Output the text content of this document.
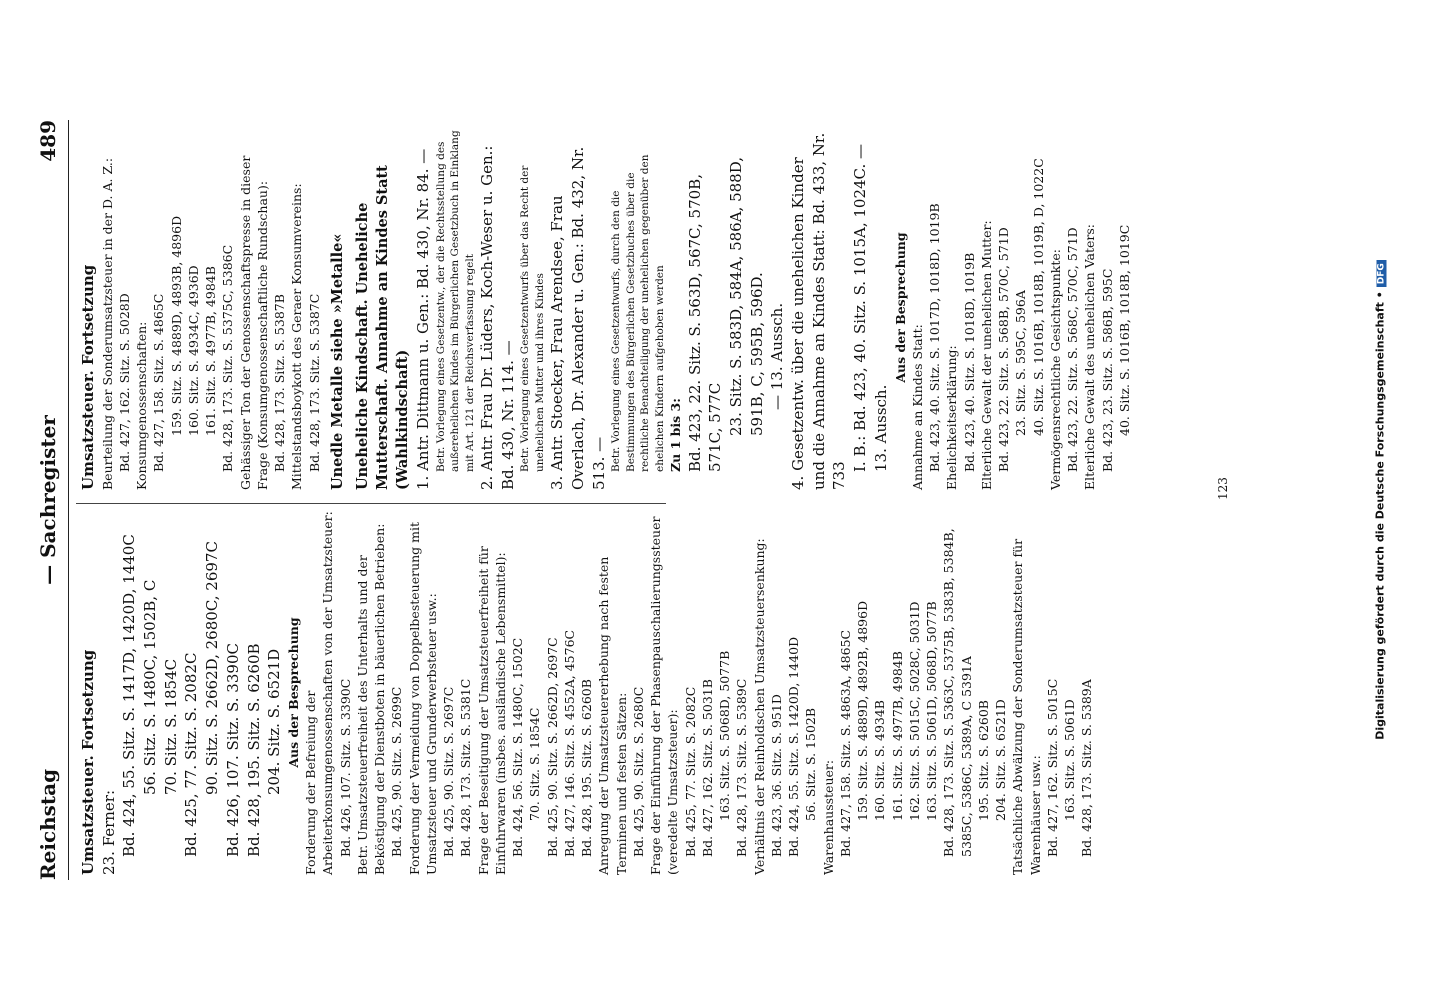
Reichstag
— Sachregister
489

Umsatzsteuer. Fortsetzung 23. Ferner: Bd. 424, 55. Sitz. S. 1417D, 1420D, 1440C 56. Sitz. S. 1480C, 1502B, C 70. Sitz. S. 1854C Bd. 425, 77. Sitz. S. 2082C 90. Sitz. S. 2662D, 2680C, 2697C Bd. 426, 107. Sitz. S. 3390C Bd. 428, 195. Sitz. S. 6260B 204. Sitz. S. 6521D Aus der Besprechung Forderung der Befreiung der Arbeiterkonsumgenossenschaften von der Umsatzsteuer: Bd. 426, 107. Sitz. S. 3390C Betr. Umsatzsteuerfreiheit des Unterhalts und der Beköstigung der Dienstboten in bäuerlichen Betrieben: Bd. 425, 90. Sitz. S. 2699C Forderung der Vermeidung von Doppelbesteuerung mit Umsatzsteuer und Grunderwerbsteuer usw.: Bd. 425, 90. Sitz. S. 2697C Bd. 428, 173. Sitz. S. 5381C Frage der Beseitigung der Umsatzsteuerfreiheit für Einfuhrwaren (insbes. ausländische Lebensmittel): Bd. 424, 56. Sitz. S. 1480C, 1502C 70. Sitz. S. 1854C Bd. 425, 90. Sitz. S. 2662D, 2697C Bd. 427, 146. Sitz. S. 4552A, 4576C Bd. 428, 195. Sitz. S. 6260B Anregung der Umsatzsteuererhebung nach festen Terminen und festen Sätzen: Bd. 425, 90. Sitz. S. 2680C Frage der Einführung der Phasenpauschalierungssteuer (veredelte Umsatzsteuer): Bd. 425, 77. Sitz. S. 2082C Bd. 427, 162. Sitz. S. 5031B 163. Sitz. S. 5068D, 5077B Bd. 428, 173. Sitz. S. 5389C Verhältnis der Reinholdschen Umsatzsteuersenkung: Bd. 423, 36. Sitz. S. 951D Bd. 424, 55. Sitz. S. 1420D, 1440D 56. Sitz. S. 1502B Warenhaussteuer: Bd. 427, 158. Sitz. S. 4863A, 4865C 159. Sitz. S. 4889D, 4892B, 4896D 160. Sitz. S. 4934B 161. Sitz. S. 4977B, 4984B 162. Sitz. S. 5015C, 5028C, 5031D 163. Sitz. S. 5061D, 5068D, 5077B Bd. 428, 173. Sitz. S. 5363C, 5375B, 5383B, 5384B, 5385C, 5386C, 5389A, C 5391A 195. Sitz. S. 6260B 204. Sitz. S. 6521D Tatsächliche Abwälzung der Sonderumsatzsteuer für Warenhäuser usw.: Bd. 427, 162. Sitz. S. 5015C 163. Sitz. S. 5061D Bd. 428, 173. Sitz. S. 5389A

Umsatzsteuer. Fortsetzung Beurteilung der Sonderumsatzsteuer in der D. A. Z.: Bd. 427, 162. Sitz. S. 5028D Konsumgenossenschaften: Bd. 427, 158. Sitz. S. 4865C 159. Sitz. S. 4889D, 4893B, 4896D 160. Sitz. S. 4934C, 4936D 161. Sitz. S. 4977B, 4984B Bd. 428, 173. Sitz. S. 5375C, 5386C Gehässiger Ton der Genossenschaftspresse in dieser Frage (Konsumgenossenschaftliche Rundschau): Bd. 428, 173. Sitz. S. 5387B Mittelstandsboykott des Geraer Konsumvereins: Bd. 428, 173. Sitz. S. 5387C Unedle Metalle siehe »Metalle« Uneheliche Kindschaft. Uneheliche Mutterschaft. Annahme an Kindes Statt (Wahlkindschaft) 1. Antr. Dittmann u. Gen.: Bd. 430, Nr. 84. — Betr. Vorlegung eines Gesetzentw., der die Rechtsstellung des außerehelichen Kindes im Bürgerlichen Gesetzbuch in Einklang mit Art. 121 der Reichsverfassung regelt 2. Antr. Frau Dr. Lüders, Koch-Weser u. Gen.: Bd. 430, Nr. 114. — Betr. Vorlegung eines Gesetzentwurfs über das Recht der unehelichen Mutter und ihres Kindes 3. Antr. Stoecker, Frau Arendsee, Frau Overlach, Dr. Alexander u. Gen.: Bd. 432, Nr. 513. — Betr. Vorlegung eines Gesetzentwurfs, durch den die Bestimmungen des Bürgerlichen Gesetzbuches über die rechtliche Benachteiligung der unehelichen gegenüber den ehelichen Kindern aufgehoben werden Zu 1 bis 3: Bd. 423, 22. Sitz. S. 563D, 567C, 570B, 571C, 577C 23. Sitz. S. 583D, 584A, 586A, 588D, 591B, C, 595B, 596D. — 13. Aussch. 4. Gesetzentw. über die unehelichen Kinder und die Annahme an Kindes Statt: Bd. 433, Nr. 733

I. B.: Bd. 423, 40. Sitz. S. 1015A, 1024C. — 13. Aussch.

Aus der Besprechung

Annahme an Kindes Statt: Bd. 423, 40. Sitz. S. 1017D, 1018D, 1019B Ehelichkeitserklärung: Bd. 423, 40. Sitz. S. 1018D, 1019B Elterliche Gewalt der unehelichen Mutter: Bd. 423, 22. Sitz. S. 568B, 570C, 571D 23. Sitz. S. 595C, 596A 40. Sitz. S. 1016B, 1018B, 1019B, D, 1022C Vermögensrechtliche Gesichtspunkte: Bd. 423, 22. Sitz. S. 568C, 570C, 571D Elterliche Gewalt des unehelichen Vaters: Bd. 423, 23. Sitz. S. 586B, 595C 40. Sitz. S. 1016B, 1018B, 1019C

123	Digitalisierung gefördert durch die Deutsche Forschungsgemeinschaft •DFG
